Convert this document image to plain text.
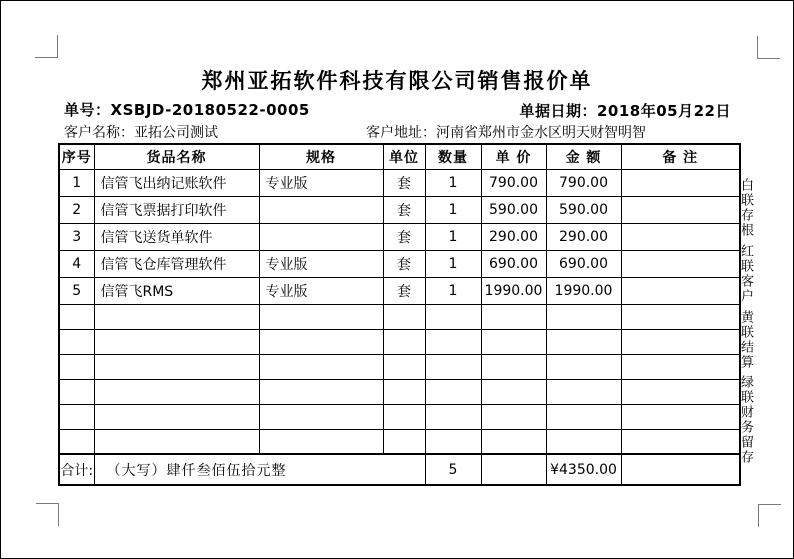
郑州亚拓软件科技有限公司销售报价单
单号：XSBJD-20180522-0005	单据日期：2018年05月22日
客户名称：亚拓公司测试	客户地址：河南省郑州市金水区明天财智明智
序号	货品名称	规格	单位	数量	单 价	金 额	备 注
1	信管飞出纳记账软件	专业版	套	1	790.00	790.00	
2	信管飞票据打印软件		套	1	590.00	590.00	
3	信管飞送货单软件		套	1	290.00	290.00	
4	信管飞仓库管理软件	专业版	套	1	690.00	690.00	
5	信管飞RMS	专业版	套	1	1990.00	1990.00	

合计:	（大写）肆仟叁佰伍拾元整			5		¥4350.00	
白联存根
红联客户
黄联结算
绿联财务留存
